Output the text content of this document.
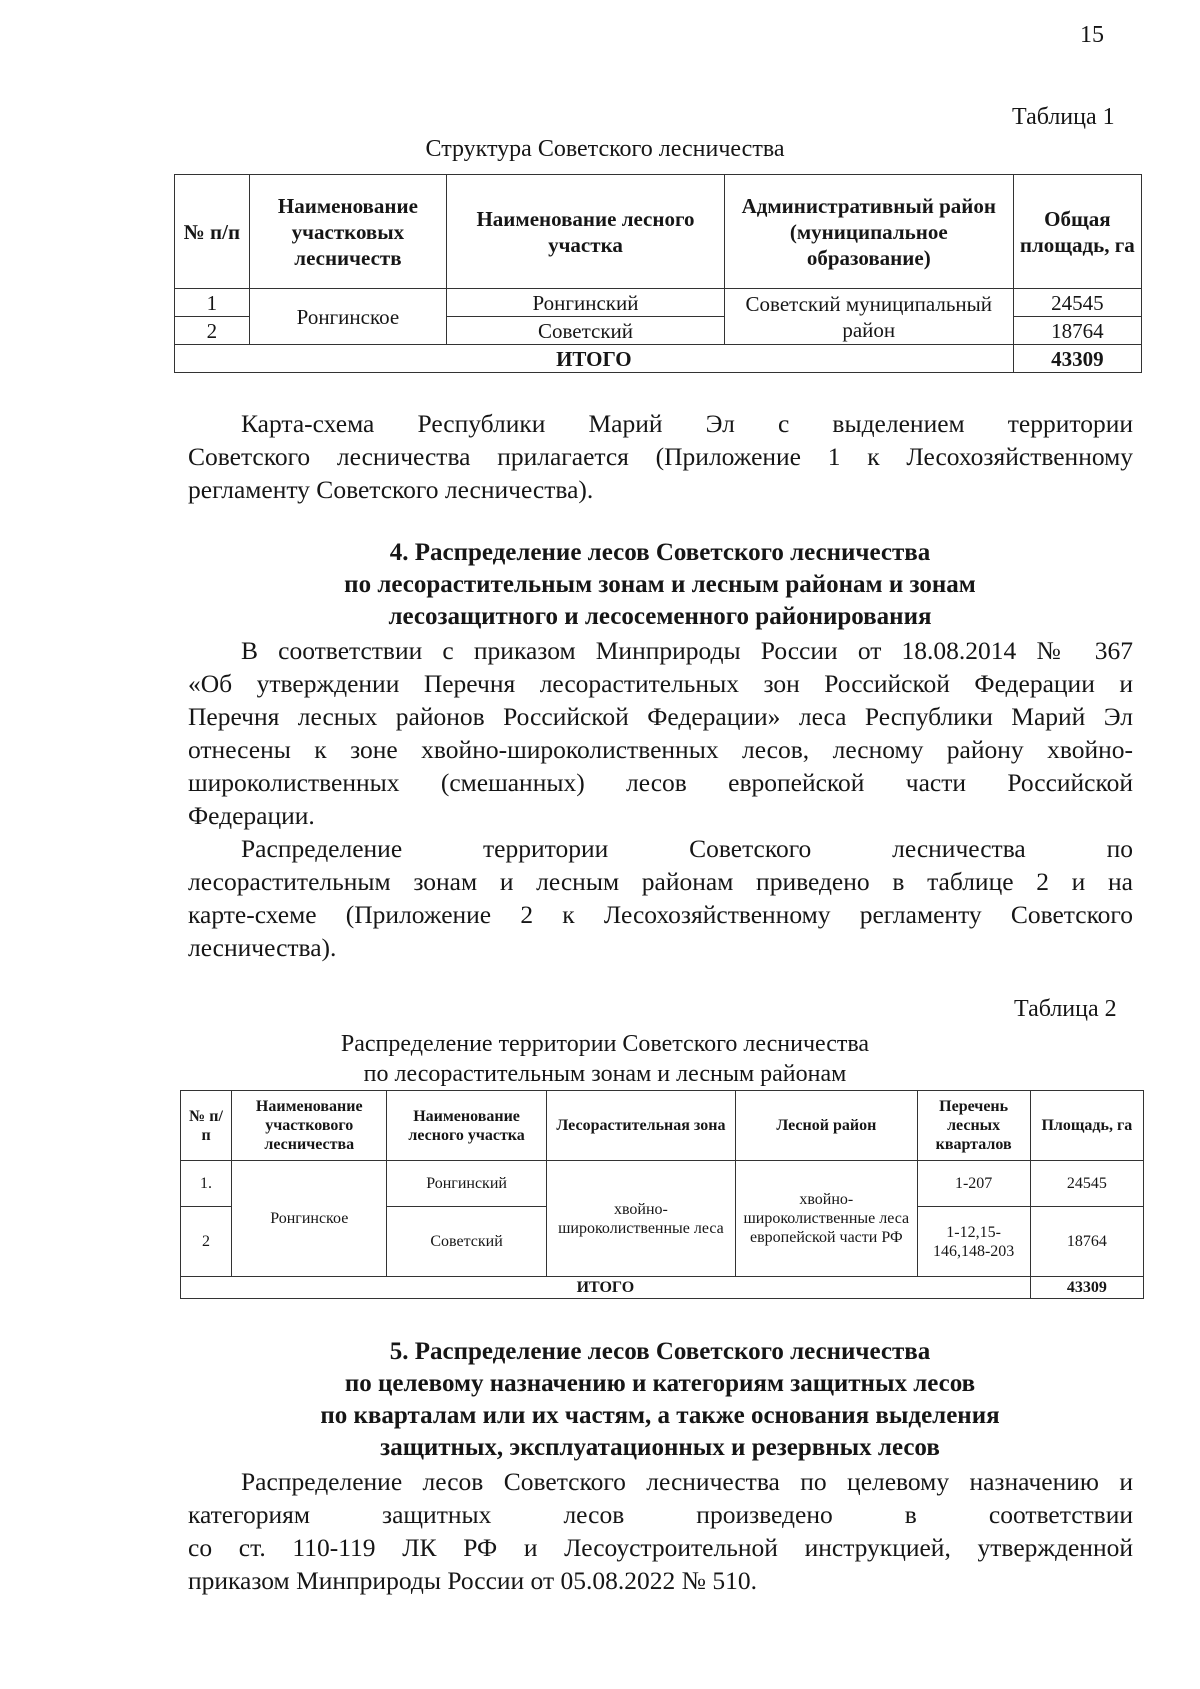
15
Таблица 1
Структура Советского лесничества
№ п/п	Наименование участковых лесничеств	Наименование лесного участка	Административный район (муниципальное образование)	Общая площадь, га
1	Ронгинское	Ронгинский	Советский муниципальный район	24545
2		Советский		18764
ИТОГО				43309
Карта-схема Республики Марий Эл с выделением территории
Советского лесничества прилагается (Приложение 1 к Лесохозяйственному
регламенту Советского лесничества).
4. Распределение лесов Советского лесничества
по лесорастительным зонам и лесным районам и зонам
лесозащитного и лесосеменного районирования
В соответствии с приказом Минприроды России от 18.08.2014 № 367
«Об утверждении Перечня лесорастительных зон Российской Федерации и
Перечня лесных районов Российской Федерации» леса Республики Марий Эл
отнесены к зоне хвойно-широколиственных лесов, лесному району хвойно-
широколиственных (смешанных) лесов европейской части Российской
Федерации.
Распределение территории Советского лесничества по
лесорастительным зонам и лесным районам приведено в таблице 2 и на
карте-схеме (Приложение 2 к Лесохозяйственному регламенту Советского
лесничества).
Таблица 2
Распределение территории Советского лесничества
по лесорастительным зонам и лесным районам
№ п/п	Наименование участкового лесничества	Наименование лесного участка	Лесорастительная зона	Лесной район	Перечень лесных кварталов	Площадь, га
1.	Ронгинское	Ронгинский	хвойно-широколиственные леса	хвойно-широколиственные леса европейской части РФ	1-207	24545
2		Советский			1-12,15-146,148-203	18764
ИТОГО						43309
5. Распределение лесов Советского лесничества
по целевому назначению и категориям защитных лесов
по кварталам или их частям, а также основания выделения
защитных, эксплуатационных и резервных лесов
Распределение лесов Советского лесничества по целевому назначению и
категориям защитных лесов произведено в соответствии
со ст. 110-119 ЛК РФ и Лесоустроительной инструкцией, утвержденной
приказом Минприроды России от 05.08.2022 № 510.
